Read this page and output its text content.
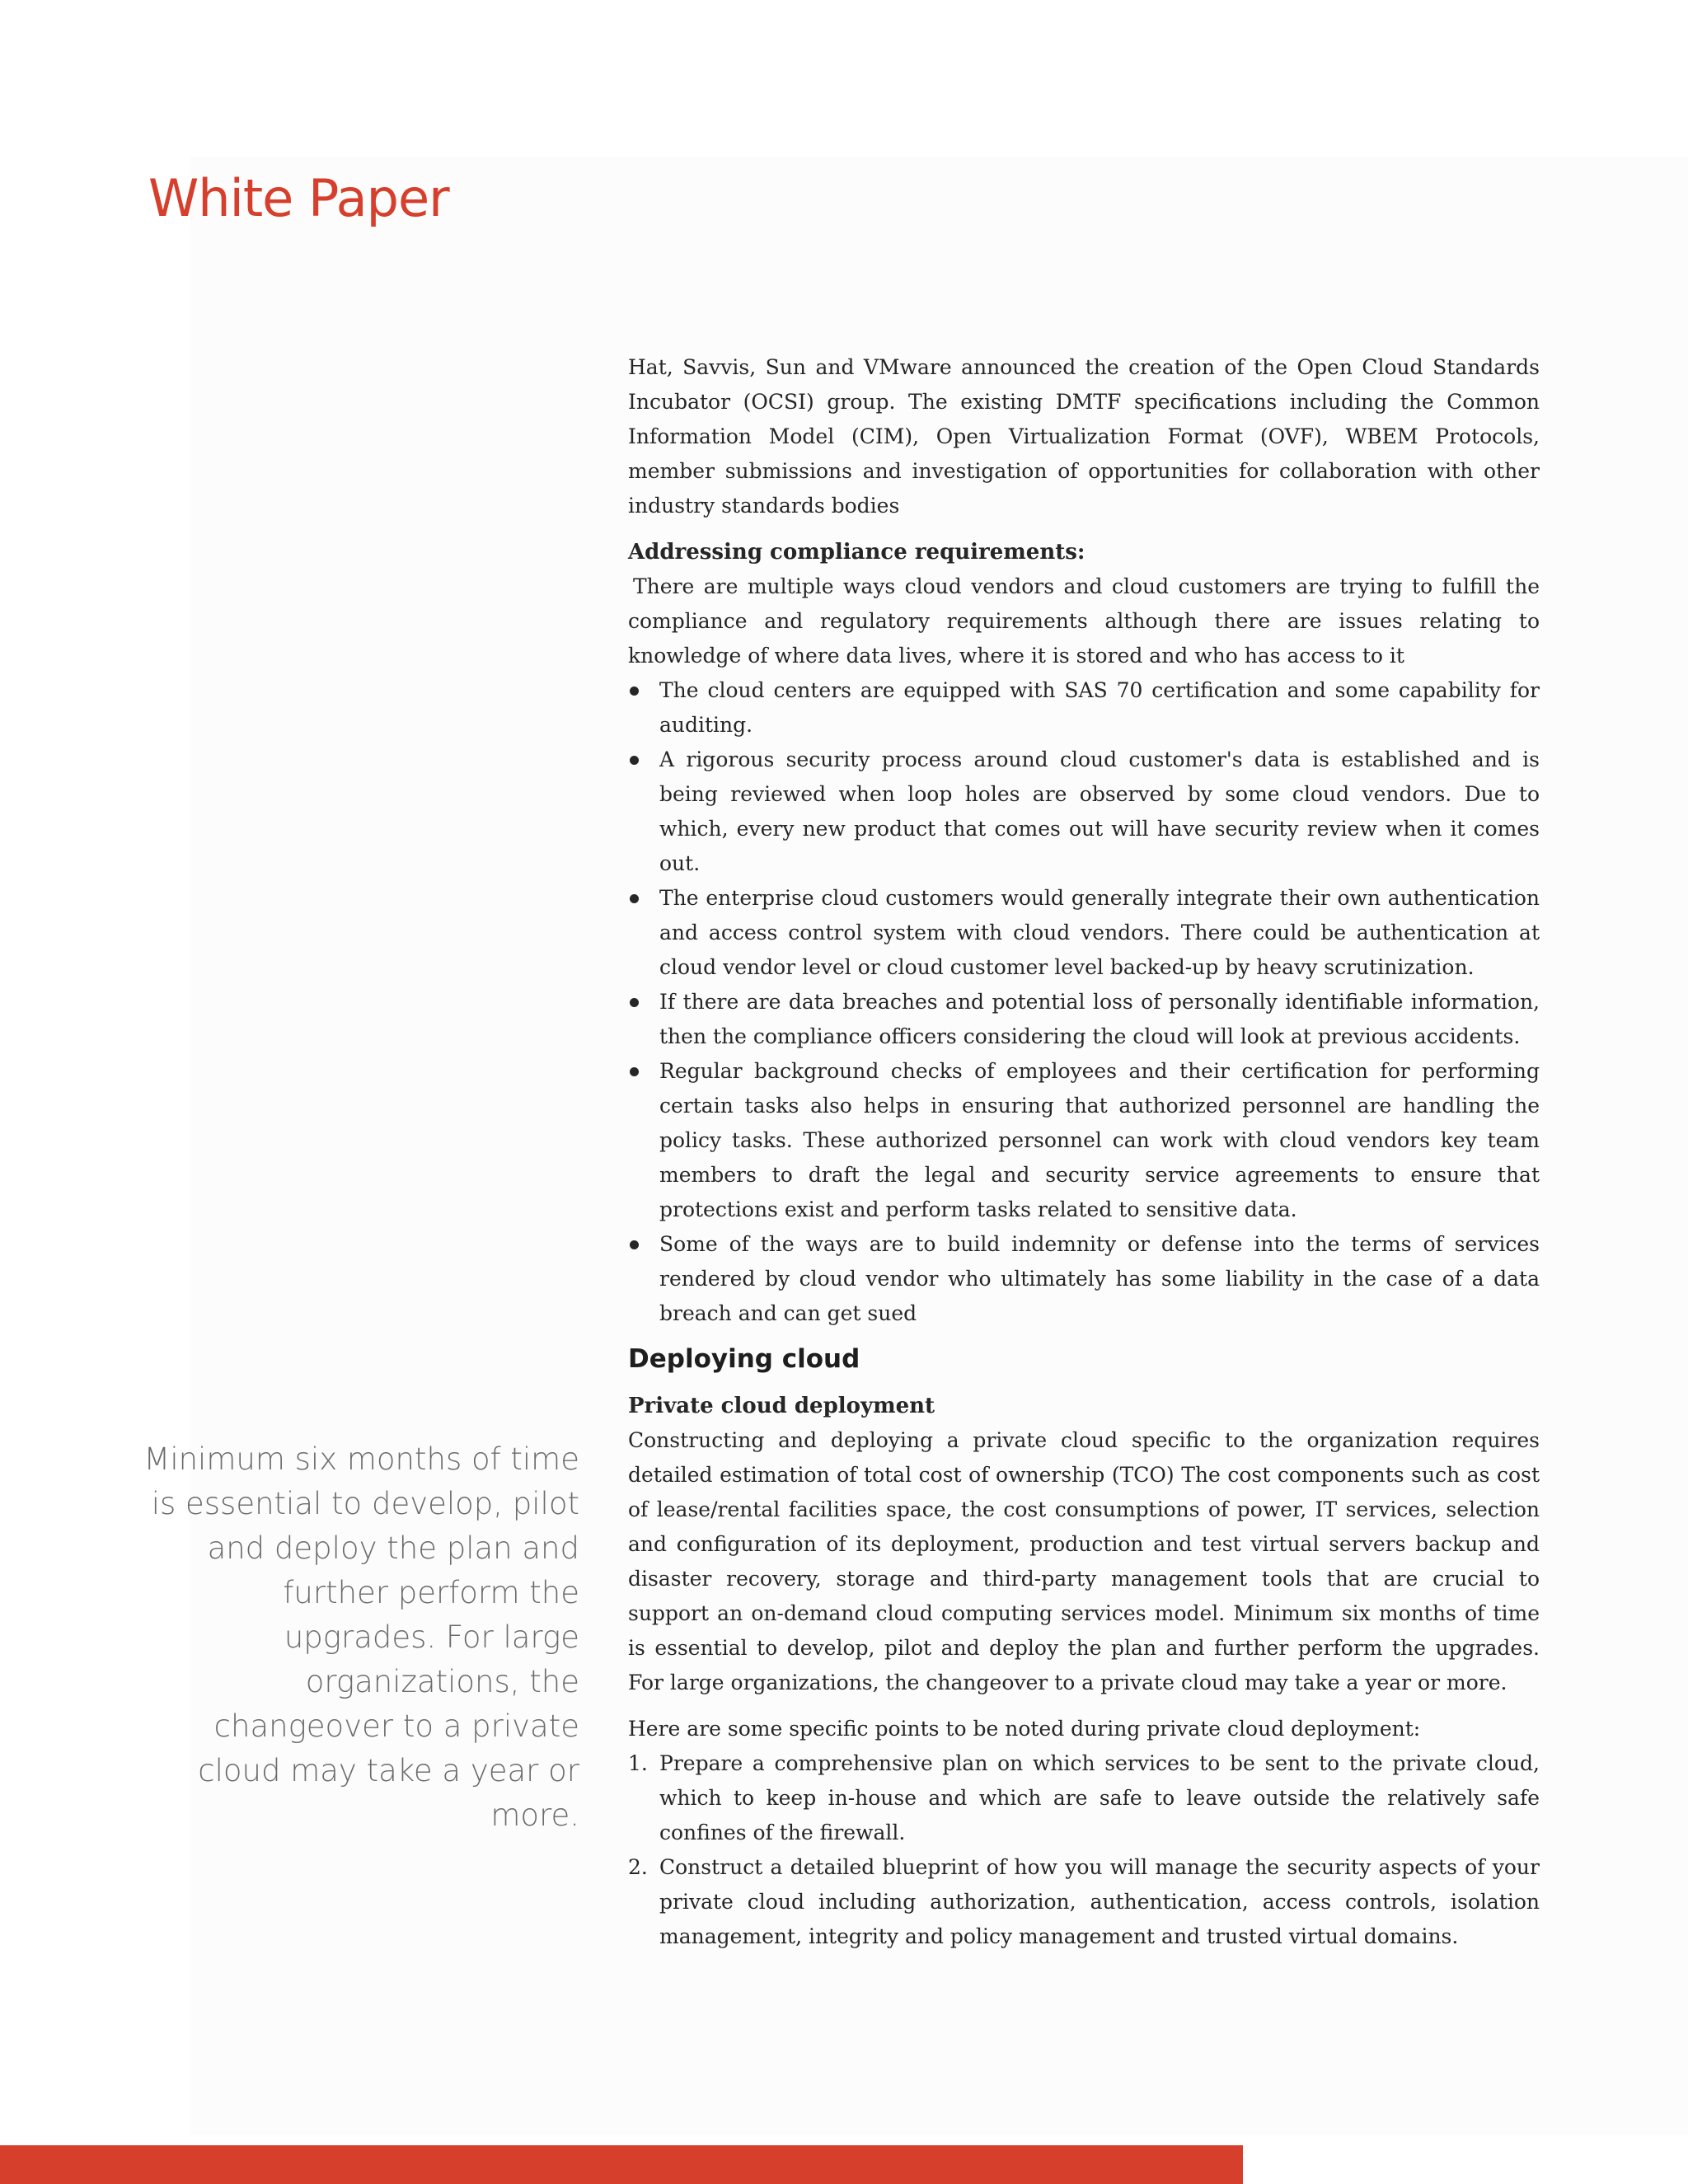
White Paper
Minimum six months of time is essential to develop, pilot and deploy the plan and further perform the upgrades. For large organizations, the changeover to a private cloud may take a year or more.

Hat, Savvis, Sun and VMware announced the creation of the Open Cloud Standards Incubator (OCSI) group. The existing DMTF specifications including the Common Information Model (CIM), Open Virtualization Format (OVF), WBEM Protocols, member submissions and investigation of opportunities for collaboration with other industry standards bodies

Addressing compliance requirements:

There are multiple ways cloud vendors and cloud customers are trying to fulfill the compliance and regulatory requirements although there are issues relating to knowledge of where data lives, where it is stored and who has access to it

The cloud centers are equipped with SAS 70 certification and some capability for auditing.
A rigorous security process around cloud customer's data is established and is being reviewed when loop holes are observed by some cloud vendors. Due to which, every new product that comes out will have security review when it comes out.
The enterprise cloud customers would generally integrate their own authentication and access control system with cloud vendors. There could be authentication at cloud vendor level or cloud customer level backed-up by heavy scrutinization.
If there are data breaches and potential loss of personally identifiable information, then the compliance officers considering the cloud will look at previous accidents.
Regular background checks of employees and their certification for performing certain tasks also helps in ensuring that authorized personnel are handling the policy tasks. These authorized personnel can work with cloud vendors key team members to draft the legal and security service agreements to ensure that protections exist and perform tasks related to sensitive data.
Some of the ways are to build indemnity or defense into the terms of services rendered by cloud vendor who ultimately has some liability in the case of a data breach and can get sued
Deploying cloud
Private cloud deployment

Constructing and deploying a private cloud specific to the organization requires detailed estimation of total cost of ownership (TCO) The cost components such as cost of lease/rental facilities space, the cost consumptions of power, IT services, selection and configuration of its deployment, production and test virtual servers backup and disaster recovery, storage and third-party management tools that are crucial to support an on-demand cloud computing services model. Minimum six months of time is essential to develop, pilot and deploy the plan and further perform the upgrades. For large organizations, the changeover to a private cloud may take a year or more.

Here are some specific points to be noted during private cloud deployment:

1. Prepare a comprehensive plan on which services to be sent to the private cloud, which to keep in-house and which are safe to leave outside the relatively safe confines of the firewall.
2. Construct a detailed blueprint of how you will manage the security aspects of your private cloud including authorization, authentication, access controls, isolation management, integrity and policy management and trusted virtual domains.
